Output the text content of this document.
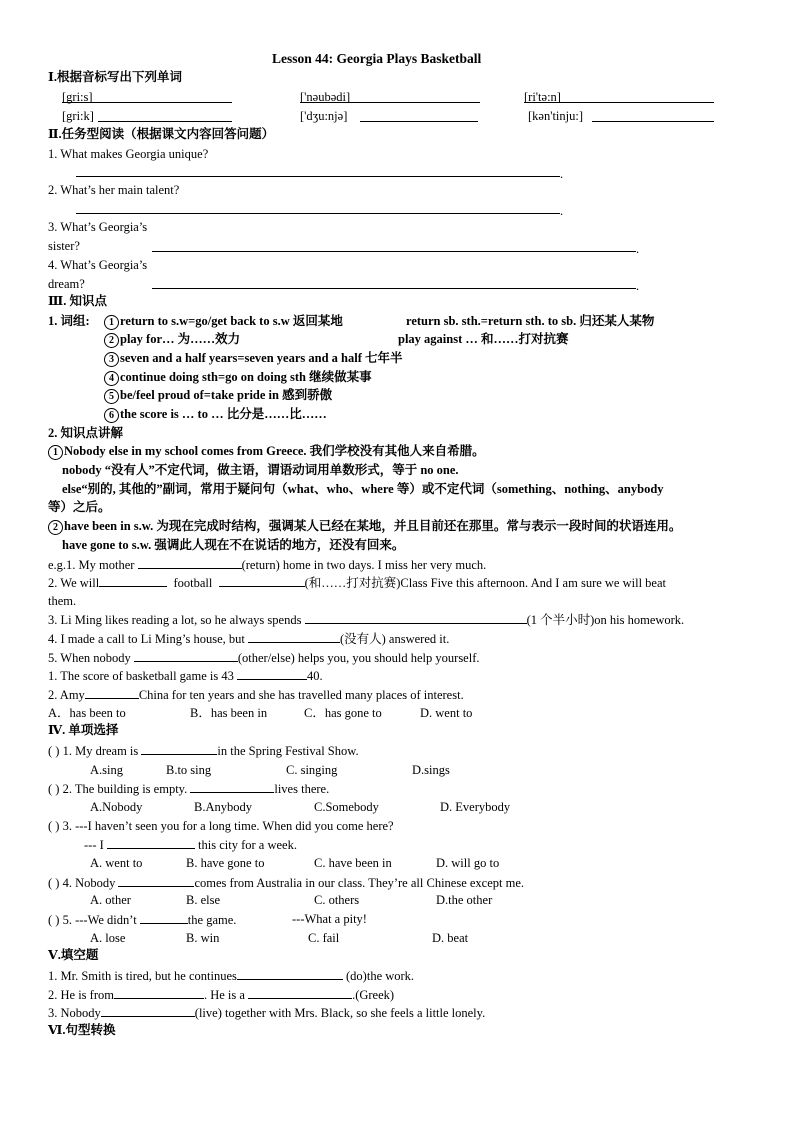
Lesson 44: Georgia Plays Basketball
Ⅰ.根据音标写出下列单词
[gri:s]	['nəubədi]	[ri'tə:n]
[gri:k]	['dʒu:njə]	[kən'tinju:]
Ⅱ.任务型阅读（根据课文内容回答问题）
1. What makes Georgia unique?
.
2. What’s her main talent?
.
3. What’s Georgia’s
sister?	.
4. What’s Georgia’s
dream?	.
Ⅲ. 知识点
1. 词组:	1 return to s.w=go/get back to s.w 返回某地	return sb. sth.=return sth. to sb. 归还某人某物
2 play for… 为……效力	play against … 和……打对抗赛
3 seven and a half years=seven years and a half 七年半
4 continue doing sth=go on doing sth 继续做某事
5 be/feel proud of=take pride in 感到骄傲
6 the score is … to … 比分是……比……
2. 知识点讲解
1 Nobody else in my school comes from Greece. 我们学校没有其他人来自希腊。
nobody “没有人”不定代词，做主语，谓语动词用单数形式，等于 no one.
else“别的, 其他的”副词，常用于疑问句（what、who、where 等）或不定代词（something、nothing、anybody
等）之后。
2 have been in s.w. 为现在完成时结构，强调某人已经在某地，并且目前还在那里。常与表示一段时间的状语连用。
have gone to s.w. 强调此人现在不在说话的地方，还没有回来。
e.g.1. My mother	(return) home in two days. I miss her very much.
2. We will	football	(和……打对抗赛)Class Five this afternoon. And I am sure we will beat
them.
3. Li Ming likes reading a lot, so he always spends	(1 个半小时)on his homework.
4. I made a call to Li Ming’s house, but	(没有人) answered it.
5. When nobody	(other/else) helps you, you should help yourself.
1. The score of basketball game is 43	40.
2. Amy	China for ten years and she has travelled many places of interest.
A．has been to	B．has been in	C．has gone to	D. went to
Ⅳ. 单项选择
( ) 1. My dream is	in the Spring Festival Show.
A.sing	B.to sing	C. singing	D.sings
( ) 2. The building is empty.	lives there.
A.Nobody	B.Anybody	C.Somebody	D. Everybody
( ) 3. ---I haven’t seen you for a long time. When did you come here?
--- I	this city for a week.
A. went to	B. have gone to	C. have been in	D. will go to
( ) 4. Nobody	comes from Australia in our class. They’re all Chinese except me.
A. other	B. else	C. others	D.the other
( ) 5. ---We didn’t	the game.	---What a pity!
A. lose	B. win	C. fail	D. beat
Ⅴ.填空题
1. Mr. Smith is tired, but he continues	(do)the work.
2. He is from	. He is a	.(Greek)
3. Nobody	(live) together with Mrs. Black, so she feels a little lonely.
Ⅵ.句型转换
